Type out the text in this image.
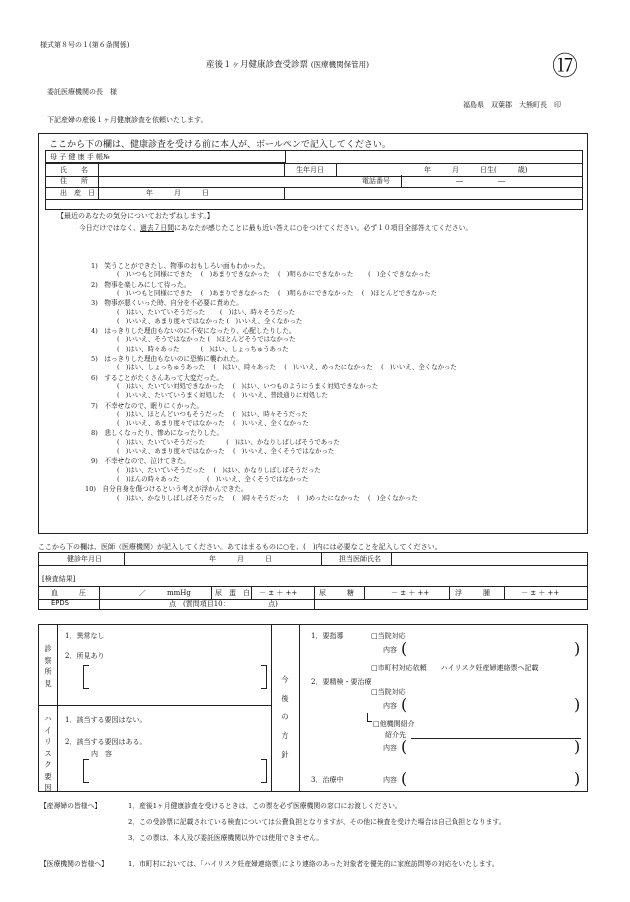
様式第８号の１(第６条関係)
産後１ヶ月健康診査受診票 (医療機関保管用)	⑰
委託医療機関の長　様
福島県　双葉郡　大熊町長　印
下記産婦の産後１ヶ月健康診査を依頼いたします。
ここから下の欄は、健康診査を受ける前に本人が、ボールペンで記入してください。
母 子 健 康 手 帳№
氏　　名	生年月日	年　　　月　　　日生(　　　歳)
住　　所	電話番号	―　　　　　―
出　産　日	年　　　月　　　日
【最近のあなたの気分についておたずねします。】
今日だけではなく、過去７日間にあなたが感じたことに最も近い答えに○をつけてください。必ず１０項目全部答えてください。
1)　笑うことができたし、物事のおもしろい面もわかった。
(　)いつもと同様にできた　 (　)あまりできなかった　 (　)明らかにできなかった　 　(　)全くできなかった
2)　物事を楽しみにして待った。
(　)いつもと同様にできた　 (　)あまりできなかった　 (　)明らかにできなかった　 (　)ほとんどできなかった
3)　物事が悪くいった時、自分を不必要に責めた。
(　)はい、たいていそうだった　　 (　)はい、時々そうだった
(　)いいえ、あまり度々ではなかった (　)いいえ、全くなかった
4)　はっきりした理由もないのに不安になったり、心配したりした。
(　)いいえ、そうではなかった (　)ほとんどそうではなかった
(　)はい、時々あった　　　 (　)はい、しょっちゅうあった
5)　はっきりした理由もないのに恐怖に襲われた。
(　)はい、しょっちゅうあった　 (　)はい、時々あった　 (　)いいえ、めったになかった　 (　)いいえ、全くなかった
6)　することがたくさんあって大変だった。
(　)はい、たいてい対処できなかった　 (　)はい、いつものようにうまく対処できなかった
(　)いいえ、たいていうまく対処した　 (　)いいえ、普段通りに対処した
7)　不幸せなので、眠りにくかった。
(　)はい、ほとんどいつもそうだった　 (　)はい、時々そうだった
(　)いいえ、あまり度々ではなかった　 (　)いいえ、全くなかった
8)　悲しくなったり、惨めになったりした。
(　)はい、たいていそうだった　　　 (　)はい、かなりしばしばそうであった
(　)いいえ、あまり度々ではなかった　 (　)いいえ、全くそうではなかった
9)　不幸せなので、泣けてきた。
(　)はい、たいていそうだった　 (　)はい、かなりしばしばそうだった
(　)ほんの時々あった　　　　 (　)いいえ、全くそうではなかった
10)　自分自身を傷つけるという考えが浮かんできた。
(　)はい、かなりしばしばそうだった　 (　)時々そうだった　 (　)めったになかった　 (　)全くなかった
ここから下の欄は、医師（医療機関）が記入してください。あてはまるものに○を、(　)内には必要なことを記入してください。
健診年月日	年　　　月　　　日	担当医師氏名
[検査結果]
血　　　圧	／　　　mmHg	尿　蛋　白 － ± ＋ ++	尿　　　糖	－ ± ＋ ++	浮　　　腫	－ ± ＋ ++
EPDS	点　(質問項目10：　　　　　　点)
診
察
所
見
ハ
イ
リ
ス
ク
要
因
今
後
の
方
針
1．異常なし
2．所見あり
1．該当する要因はない。
2．該当する要因はある。
内　容
1．要指導	□当院対応
内容 (	)
□市町村対応依頼　　ハイリスク妊産婦連絡票へ記載
2．要精検・要治療
□当院対応
内容 (	)
□他機関紹介
紹介先
内容 (	)
3．治療中	内容 (	)
【産褥婦の皆様へ】	1．産後1ヶ月健康診査を受けるときは、この票を必ず医療機関の窓口にお渡しください。
2．この受診票に記載されている検査については公費負担となりますが、その他に検査を受けた場合は自己負担となります。
3．この票は、本人及び委託医療機関以外では使用できません。
【医療機関の皆様へ】	1．市町村においては、｢ハイリスク妊産婦連絡票｣により連絡のあった対象者を優先的に家庭訪問等の対応をいたします。
